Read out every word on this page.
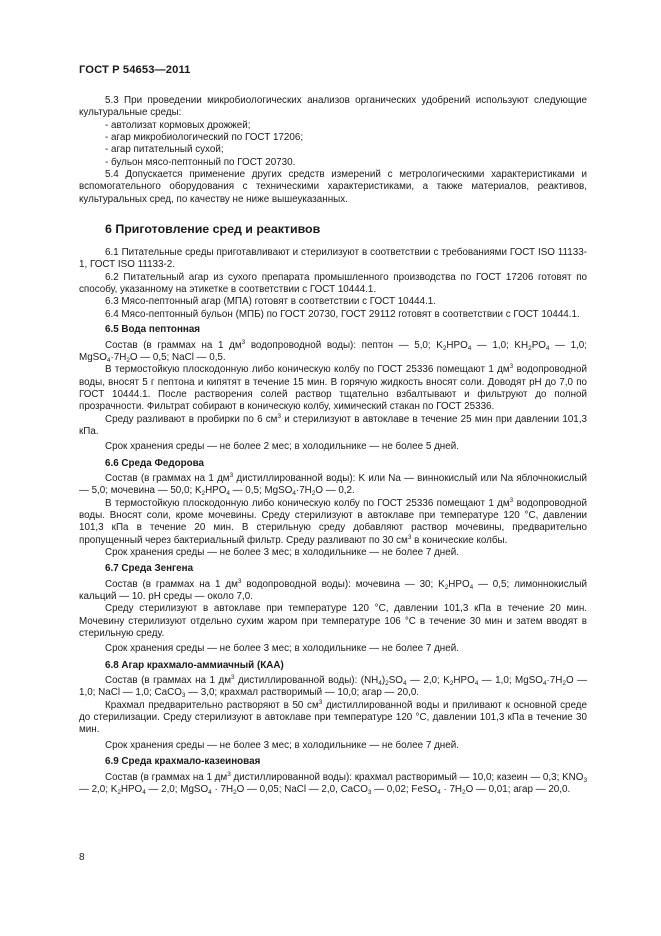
ГОСТ Р 54653—2011

5.3 При проведении микробиологических анализов органических удобрений используют следующие культуральные среды:

- автолизат кормовых дрожжей;

- агар микробиологический по ГОСТ 17206;

- агар питательный сухой;

- бульон мясо-пептонный по ГОСТ 20730.

5.4 Допускается применение других средств измерений с метрологическими характеристиками и вспомогательного оборудования с техническими характеристиками, а также материалов, реактивов, культуральных сред, по качеству не ниже вышеуказанных.

6 Приготовление сред и реактивов

6.1 Питательные среды приготавливают и стерилизуют в соответствии с требованиями ГОСТ ISO 11133-1, ГОСТ ISO 11133-2.

6.2 Питательный агар из сухого препарата промышленного производства по ГОСТ 17206 готовят по способу, указанному на этикетке в соответствии с ГОСТ 10444.1.

6.3 Мясо-пептонный агар (МПА) готовят в соответствии с ГОСТ 10444.1.

6.4 Мясо-пептонный бульон (МПБ) по ГОСТ 20730, ГОСТ 29112 готовят в соответствии с ГОСТ 10444.1.

6.5 Вода пептонная

Состав (в граммах на 1 $дм^3$ водопроводной воды): пептон — 5,0; $K_2HPO_4$ — 1,0; $KH_2PO_4$ — 1,0; $MgSO_4\cdot 7H_2O$ — 0,5; NaCl — 0,5.

В термостойкую плоскодонную либо коническую колбу по ГОСТ 25336 помещают 1 $дм^3$ водопроводной воды, вносят 5 г пептона и кипятят в течение 15 мин. В горячую жидкость вносят соли. Доводят pH до 7,0 по ГОСТ 10444.1. После растворения солей раствор тщательно взбалтывают и фильтруют до полной прозрачности. Фильтрат собирают в коническую колбу, химический стакан по ГОСТ 25336.

Среду разливают в пробирки по 6 $см^3$ и стерилизуют в автоклаве в течение 25 мин при давлении 101,3 кПа.

Срок хранения среды — не более 2 мес; в холодильнике — не более 5 дней.

6.6 Среда Федорова

Состав (в граммах на 1 $дм^3$ дистиллированной воды): K или Na — виннокислый или Na яблочнокислый — 5,0; мочевина — 50,0; $K_2HPO_4$ — 0,5; $MgSO_4\cdot 7H_2O$ — 0,2.

В термостойкую плоскодонную либо коническую колбу по ГОСТ 25336 помещают 1 $дм^3$ водопроводной воды. Вносят соли, кроме мочевины. Среду стерилизуют в автоклаве при температуре 120 °С, давлении 101,3 кПа в течение 20 мин. В стерильную среду добавляют раствор мочевины, предварительно пропущенный через бактериальный фильтр. Среду разливают по 30 $см^3$ в конические колбы.

Срок хранения среды — не более 3 мес; в холодильнике — не более 7 дней.

6.7 Среда Зенгена

Состав (в граммах на 1 $дм^3$ водопроводной воды): мочевина — 30; $K_2HPO_4$ — 0,5; лимоннокислый кальций — 10. pH среды — около 7,0.

Среду стерилизуют в автоклаве при температуре 120 °С, давлении 101,3 кПа в течение 20 мин. Мочевину стерилизуют отдельно сухим жаром при температуре 106 °С в течение 30 мин и затем вводят в стерильную среду.

Срок хранения среды — не более 3 мес; в холодильнике — не более 7 дней.

6.8 Агар крахмало-аммиачный (КАА)

Состав (в граммах на 1 $дм^3$ дистиллированной воды): $(NH_4)_2SO_4$ — 2,0; $K_2HPO_4$ — 1,0; $MgSO_4\cdot 7H_2O$ — 1,0; NaCl — 1,0; CaCO$_3$ — 3,0; крахмал растворимый — 10,0; агар — 20,0.

Крахмал предварительно растворяют в 50 $см^3$ дистиллированной воды и приливают к основной среде до стерилизации. Среду стерилизуют в автоклаве при температуре 120 °С, давлении 101,3 кПа в течение 30 мин.

Срок хранения среды — не более 3 мес; в холодильнике — не более 7 дней.

6.9 Среда крахмало-казеиновая

Состав (в граммах на 1 $дм^3$ дистиллированной воды): крахмал растворимый — 10,0; казеин — 0,3; $KNO_3$ — 2,0; $K_2HPO_4$ — 2,0; MgSO$_4$ · $7H_2O$ — 0,05; NaCl — 2,0, CaCO$_3$ — 0,02; FeSO$_4$ · $7H_2O$ — 0,01; агар — 20,0.

8
